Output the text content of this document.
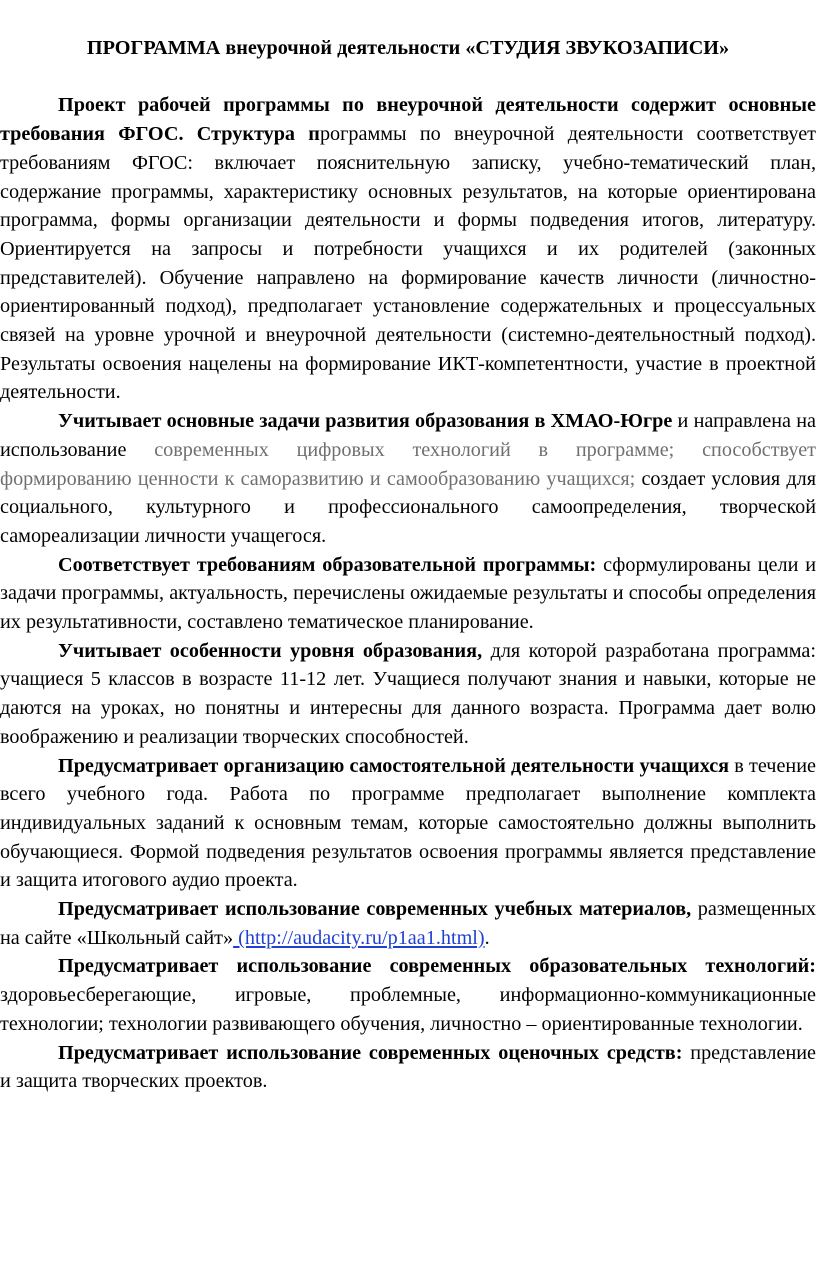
ПРОГРАММА внеурочной деятельности «СТУДИЯ ЗВУКОЗАПИСИ»

Проект рабочей программы по внеурочной деятельности содержит основные требования ФГОС. Структура программы по внеурочной деятельности соответствует требованиям ФГОС: включает пояснительную записку, учебно-тематический план, содержание программы, характеристику основных результатов, на которые ориентирована программа, формы организации деятельности и формы подведения итогов, литературу. Ориентируется на запросы и потребности учащихся и их родителей (законных представителей). Обучение направлено на формирование качеств личности (личностно-ориентированный подход), предполагает установление содержательных и процессуальных связей на уровне урочной и внеурочной деятельности (системно-деятельностный подход). Результаты освоения нацелены на формирование ИКТ-компетентности, участие в проектной деятельности.

Учитывает основные задачи развития образования в ХМАО-Югре и направлена на использование современных цифровых технологий в программе; способствует формированию ценности к саморазвитию и самообразованию учащихся; создает условия для социального, культурного и профессионального самоопределения, творческой самореализации личности учащегося.

Соответствует требованиям образовательной программы: сформулированы цели и задачи программы, актуальность, перечислены ожидаемые результаты и способы определения их результативности, составлено тематическое планирование.

Учитывает особенности уровня образования, для которой разработана программа: учащиеся 5 классов в возрасте 11-12 лет. Учащиеся получают знания и навыки, которые не даются на уроках, но понятны и интересны для данного возраста. Программа дает волю воображению и реализации творческих способностей.

Предусматривает организацию самостоятельной деятельности учащихся в течение всего учебного года. Работа по программе предполагает выполнение комплекта индивидуальных заданий к основным темам, которые самостоятельно должны выполнить обучающиеся. Формой подведения результатов освоения программы является представление и защита итогового аудио проекта.

Предусматривает использование современных учебных материалов, размещенных на сайте «Школьный сайт» (http://audacity.ru/p1aa1.html).

Предусматривает использование современных образовательных технологий: здоровьесберегающие, игровые, проблемные, информационно-коммуникационные технологии; технологии развивающего обучения, личностно – ориентированные технологии.

Предусматривает использование современных оценочных средств: представление и защита творческих проектов.
